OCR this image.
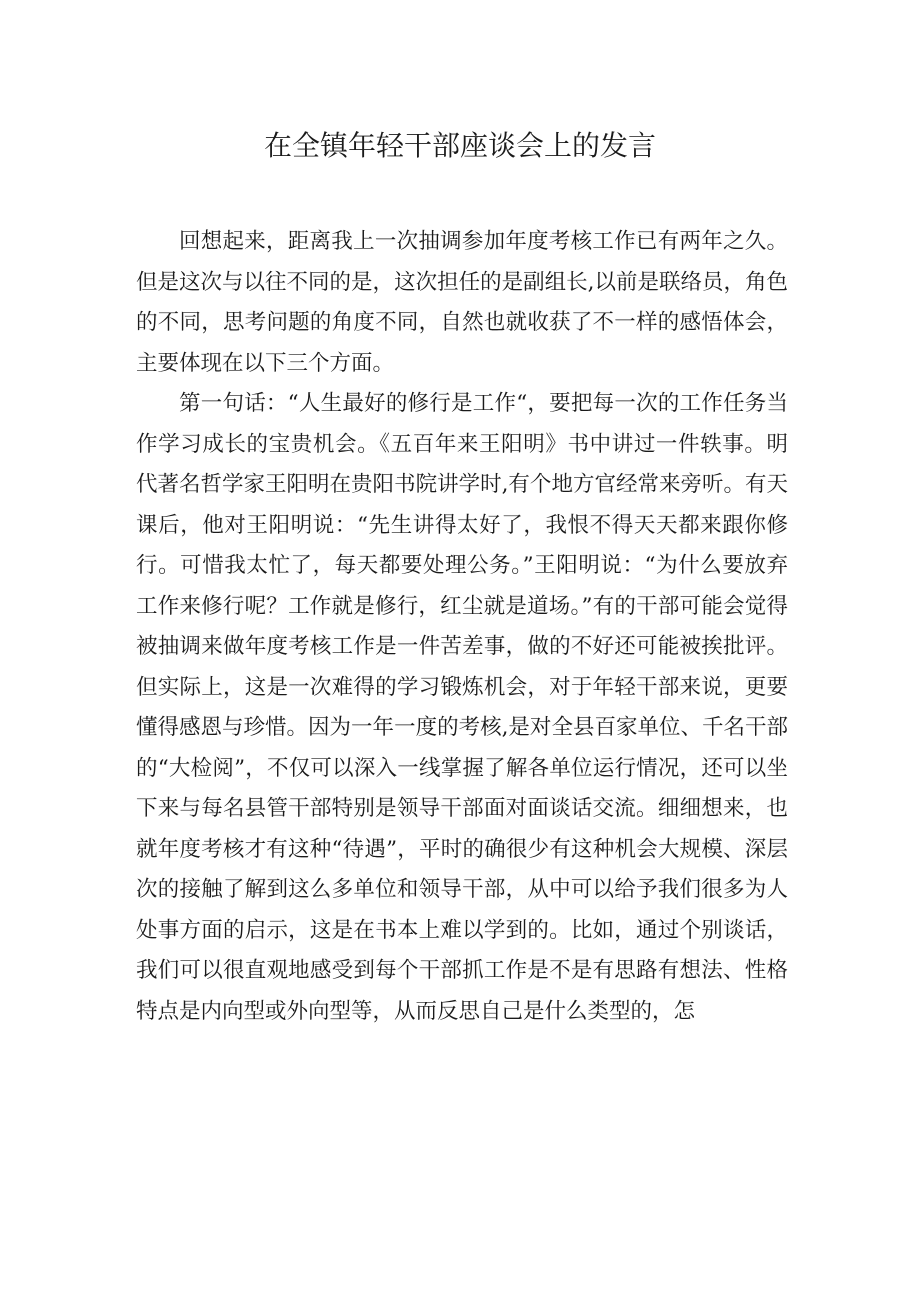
在全镇年轻干部座谈会上的发言

回想起来，距离我上一次抽调参加年度考核工作已有两年之久。但是这次与以往不同的是，这次担任的是副组长,以前是联络员，角色的不同，思考问题的角度不同，自然也就收获了不一样的感悟体会，主要体现在以下三个方面。

第一句话：“人生最好的修行是工作“，要把每一次的工作任务当作学习成长的宝贵机会。《五百年来王阳明》书中讲过一件轶事。明代著名哲学家王阳明在贵阳书院讲学时,有个地方官经常来旁听。有天课后，他对王阳明说：“先生讲得太好了，我恨不得天天都来跟你修行。可惜我太忙了，每天都要处理公务。”王阳明说：“为什么要放弃工作来修行呢？工作就是修行，红尘就是道场。”有的干部可能会觉得被抽调来做年度考核工作是一件苦差事，做的不好还可能被挨批评。但实际上，这是一次难得的学习锻炼机会，对于年轻干部来说，更要懂得感恩与珍惜。因为一年一度的考核,是对全县百家单位、千名干部的“大检阅”，不仅可以深入一线掌握了解各单位运行情况，还可以坐下来与每名县管干部特别是领导干部面对面谈话交流。细细想来，也就年度考核才有这种“待遇”，平时的确很少有这种机会大规模、深层次的接触了解到这么多单位和领导干部，从中可以给予我们很多为人处事方面的启示，这是在书本上难以学到的。比如，通过个别谈话，我们可以很直观地感受到每个干部抓工作是不是有思路有想法、性格特点是内向型或外向型等，从而反思自己是什么类型的，怎
